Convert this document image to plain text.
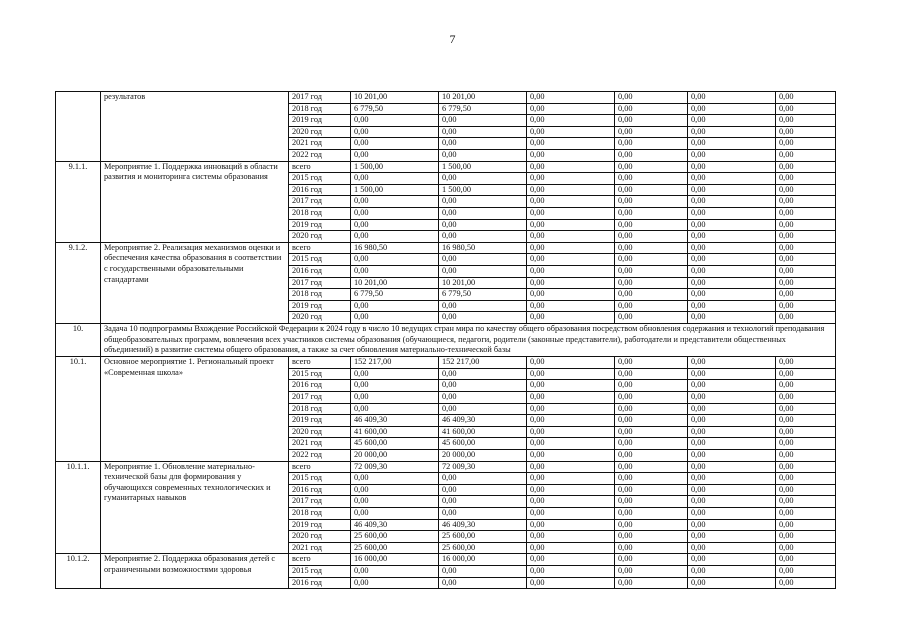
7
	результатов	2017 год	10 201,00	10 201,00	0,00	0,00	0,00	0,00
		2018 год	6 779,50	6 779,50	0,00	0,00	0,00	0,00
		2019 год	0,00	0,00	0,00	0,00	0,00	0,00
		2020 год	0,00	0,00	0,00	0,00	0,00	0,00
		2021 год	0,00	0,00	0,00	0,00	0,00	0,00
		2022 год	0,00	0,00	0,00	0,00	0,00	0,00
9.1.1.	Мероприятие 1. Поддержка инноваций в области развития и мониторинга системы образования	всего	1 500,00	1 500,00	0,00	0,00	0,00	0,00
		2015 год	0,00	0,00	0,00	0,00	0,00	0,00
		2016 год	1 500,00	1 500,00	0,00	0,00	0,00	0,00
		2017 год	0,00	0,00	0,00	0,00	0,00	0,00
		2018 год	0,00	0,00	0,00	0,00	0,00	0,00
		2019 год	0,00	0,00	0,00	0,00	0,00	0,00
		2020 год	0,00	0,00	0,00	0,00	0,00	0,00
9.1.2.	Мероприятие 2. Реализация механизмов оценки и обеспечения качества образования в соответствии с государственными образовательными стандартами	всего	16 980,50	16 980,50	0,00	0,00	0,00	0,00
		2015 год	0,00	0,00	0,00	0,00	0,00	0,00
		2016 год	0,00	0,00	0,00	0,00	0,00	0,00
		2017 год	10 201,00	10 201,00	0,00	0,00	0,00	0,00
		2018 год	6 779,50	6 779,50	0,00	0,00	0,00	0,00
		2019 год	0,00	0,00	0,00	0,00	0,00	0,00
		2020 год	0,00	0,00	0,00	0,00	0,00	0,00
10.	Задача 10 подпрограммы Вхождение Российской Федерации к 2024 году в число 10 ведущих стран мира по качеству общего образования посредством обновления содержания и технологий преподавания общеобразовательных программ, вовлечения всех участников системы образования (обучающиеся, педагоги, родители (законные представители), работодатели и представители общественных объединений) в развитие системы общего образования, а также за счет обновления материально-технической базы							
10.1.	Основное мероприятие 1. Региональный проект «Современная школа»	всего	152 217,00	152 217,00	0,00	0,00	0,00	0,00
		2015 год	0,00	0,00	0,00	0,00	0,00	0,00
		2016 год	0,00	0,00	0,00	0,00	0,00	0,00
		2017 год	0,00	0,00	0,00	0,00	0,00	0,00
		2018 год	0,00	0,00	0,00	0,00	0,00	0,00
		2019 год	46 409,30	46 409,30	0,00	0,00	0,00	0,00
		2020 год	41 600,00	41 600,00	0,00	0,00	0,00	0,00
		2021 год	45 600,00	45 600,00	0,00	0,00	0,00	0,00
		2022 год	20 000,00	20 000,00	0,00	0,00	0,00	0,00
10.1.1.	Мероприятие 1. Обновление материально-технической базы для формирования у обучающихся современных технологических и гуманитарных навыков	всего	72 009,30	72 009,30	0,00	0,00	0,00	0,00
		2015 год	0,00	0,00	0,00	0,00	0,00	0,00
		2016 год	0,00	0,00	0,00	0,00	0,00	0,00
		2017 год	0,00	0,00	0,00	0,00	0,00	0,00
		2018 год	0,00	0,00	0,00	0,00	0,00	0,00
		2019 год	46 409,30	46 409,30	0,00	0,00	0,00	0,00
		2020 год	25 600,00	25 600,00	0,00	0,00	0,00	0,00
		2021 год	25 600,00	25 600,00	0,00	0,00	0,00	0,00
10.1.2.	Мероприятие 2. Поддержка образования детей с ограниченными возможностями здоровья	всего	16 000,00	16 000,00	0,00	0,00	0,00	0,00
		2015 год	0,00	0,00	0,00	0,00	0,00	0,00
		2016 год	0,00	0,00	0,00	0,00	0,00	0,00
